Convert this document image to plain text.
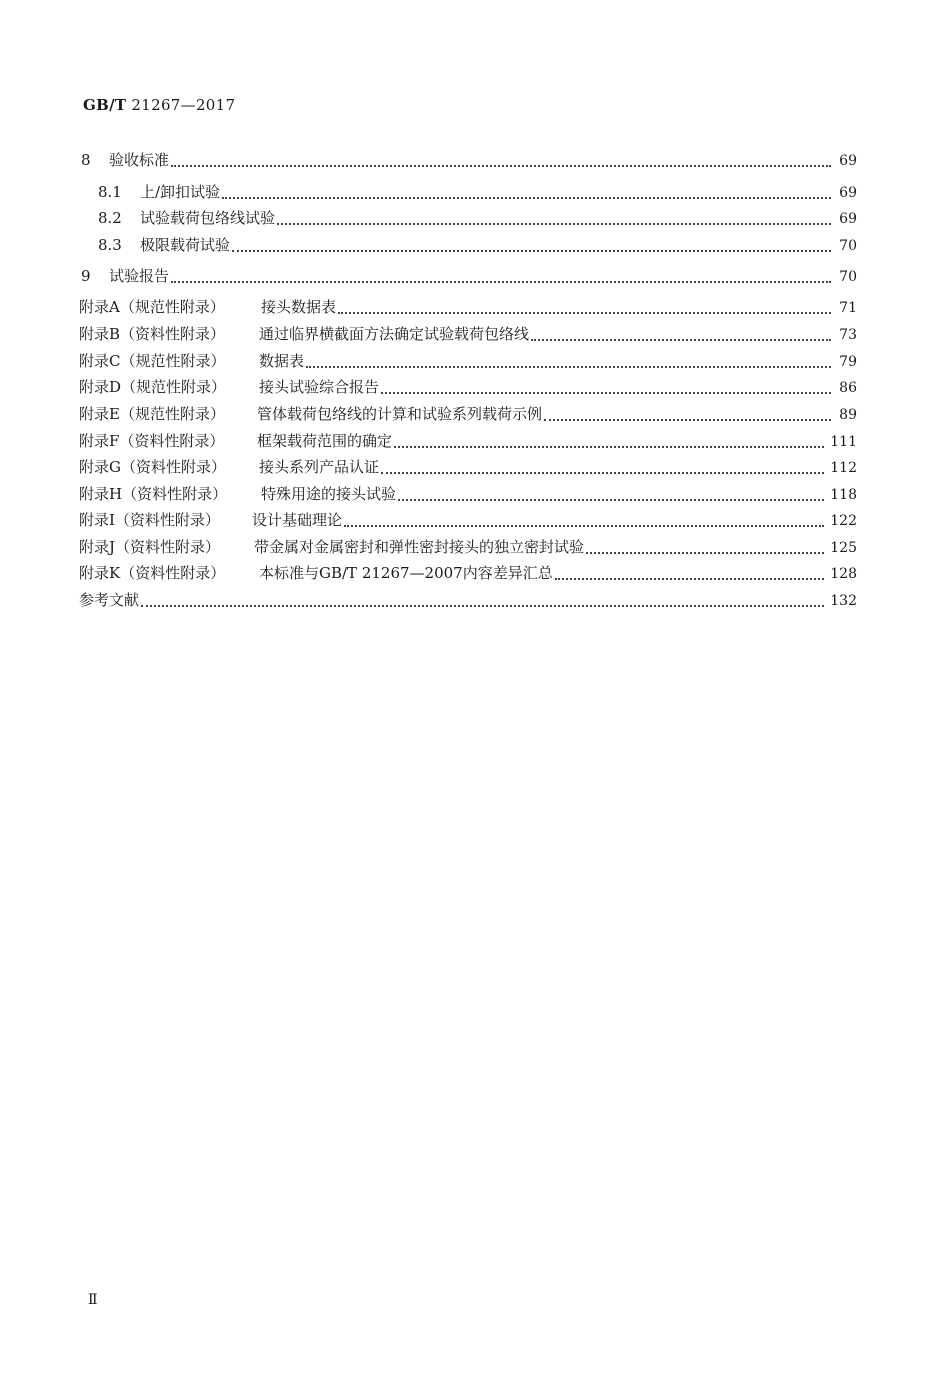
GB/T 21267—2017
8	验收标准	69
8.1	上/卸扣试验	69
8.2	试验载荷包络线试验	69
8.3	极限载荷试验	70
9	试验报告	70
附录A（规范性附录）	接头数据表	71
附录B（资料性附录）	通过临界横截面方法确定试验载荷包络线	73
附录C（规范性附录）	数据表	79
附录D（规范性附录）	接头试验综合报告	86
附录E（规范性附录）	管体载荷包络线的计算和试验系列载荷示例	89
附录F（资料性附录）	框架载荷范围的确定	111
附录G（资料性附录）	接头系列产品认证	112
附录H（资料性附录）	特殊用途的接头试验	118
附录I（资料性附录）	设计基础理论	122
附录J（资料性附录）	带金属对金属密封和弹性密封接头的独立密封试验	125
附录K（资料性附录）	本标准与GB/T 21267—2007内容差异汇总	128
参考文献	132
Ⅱ
